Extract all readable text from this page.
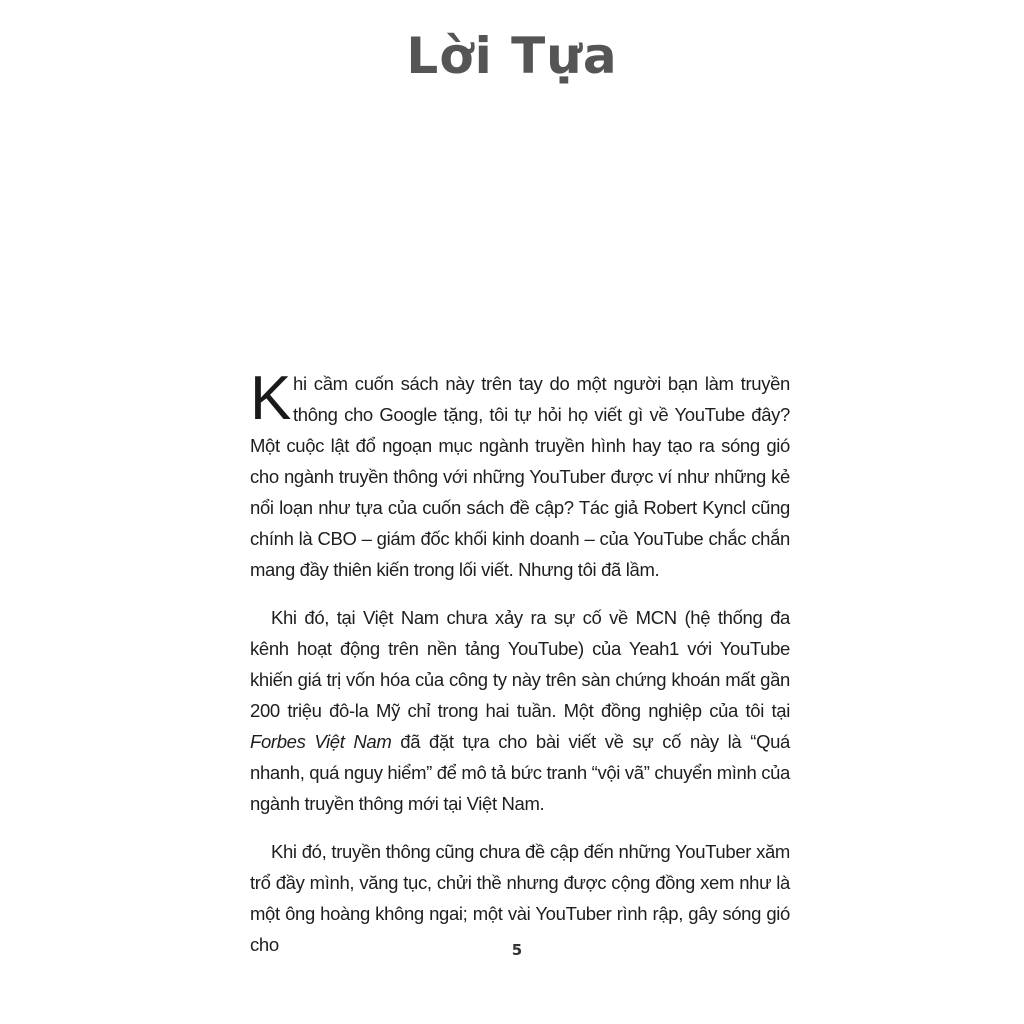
Lời Tựa

Khi cầm cuốn sách này trên tay do một người bạn làm truyền thông cho Google tặng, tôi tự hỏi họ viết gì về YouTube đây? Một cuộc lật đổ ngoạn mục ngành truyền hình hay tạo ra sóng gió cho ngành truyền thông với những YouTuber được ví như những kẻ nổi loạn như tựa của cuốn sách đề cập? Tác giả Robert Kyncl cũng chính là CBO – giám đốc khối kinh doanh – của YouTube chắc chắn mang đầy thiên kiến trong lối viết. Nhưng tôi đã lầm.

Khi đó, tại Việt Nam chưa xảy ra sự cố về MCN (hệ thống đa kênh hoạt động trên nền tảng YouTube) của Yeah1 với YouTube khiến giá trị vốn hóa của công ty này trên sàn chứng khoán mất gần 200 triệu đô-la Mỹ chỉ trong hai tuần. Một đồng nghiệp của tôi tại Forbes Việt Nam đã đặt tựa cho bài viết về sự cố này là “Quá nhanh, quá nguy hiểm” để mô tả bức tranh “vội vã” chuyển mình của ngành truyền thông mới tại Việt Nam.

Khi đó, truyền thông cũng chưa đề cập đến những YouTuber xăm trổ đầy mình, văng tục, chửi thề nhưng được cộng đồng xem như là một ông hoàng không ngai; một vài YouTuber rình rập, gây sóng gió cho	5
